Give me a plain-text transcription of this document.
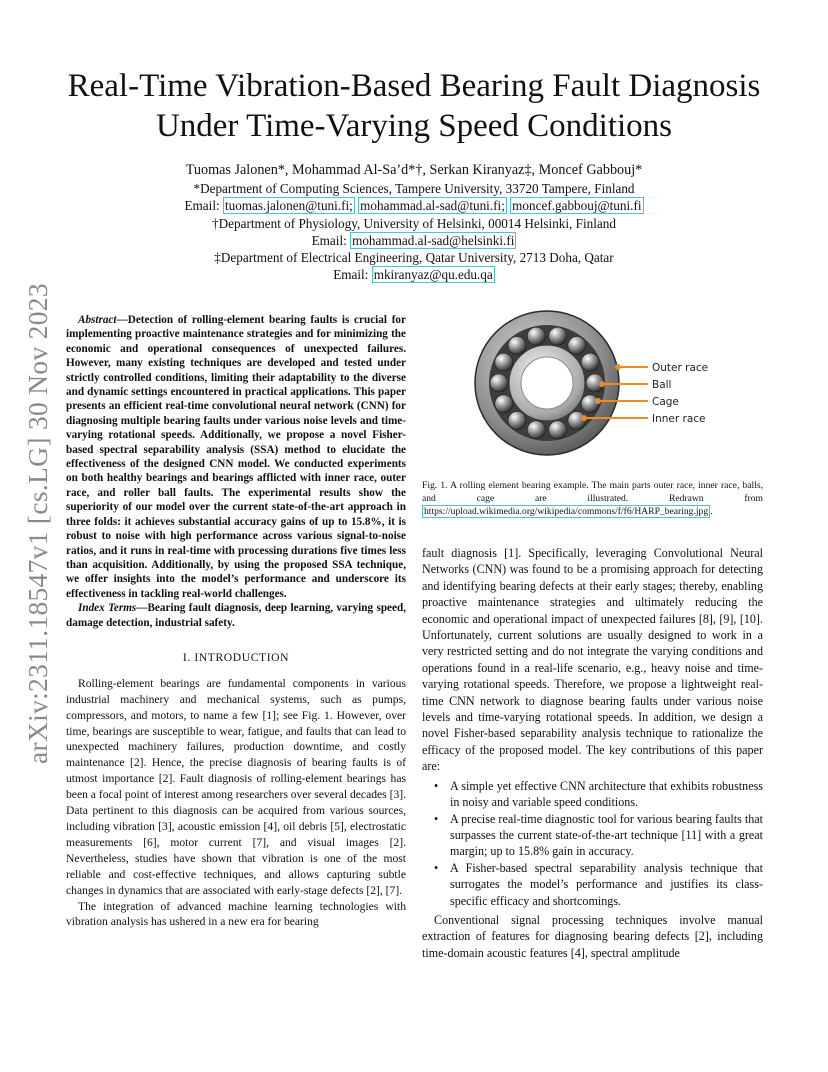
arXiv:2311.18547v1 [cs.LG] 30 Nov 2023
Real-Time Vibration-Based Bearing Fault Diagnosis Under Time-Varying Speed Conditions
Tuomas Jalonen*, Mohammad Al-Sa’d*†, Serkan Kiranyaz‡, Moncef Gabbouj*
*Department of Computing Sciences, Tampere University, 33720 Tampere, Finland
Email: tuomas.jalonen@tuni.fi; mohammad.al-sad@tuni.fi; moncef.gabbouj@tuni.fi
†Department of Physiology, University of Helsinki, 00014 Helsinki, Finland
Email: mohammad.al-sad@helsinki.fi
‡Department of Electrical Engineering, Qatar University, 2713 Doha, Qatar
Email: mkiranyaz@qu.edu.qa

Abstract—Detection of rolling-element bearing faults is crucial for implementing proactive maintenance strategies and for minimizing the economic and operational consequences of unexpected failures. However, many existing techniques are developed and tested under strictly controlled conditions, limiting their adaptability to the diverse and dynamic settings encountered in practical applications. This paper presents an efficient real-time convolutional neural network (CNN) for diagnosing multiple bearing faults under various noise levels and time-varying rotational speeds. Additionally, we propose a novel Fisher-based spectral separability analysis (SSA) method to elucidate the effectiveness of the designed CNN model. We conducted experiments on both healthy bearings and bearings afflicted with inner race, outer race, and roller ball faults. The experimental results show the superiority of our model over the current state-of-the-art approach in three folds: it achieves substantial accuracy gains of up to 15.8%, it is robust to noise with high performance across various signal-to-noise ratios, and it runs in real-time with processing durations five times less than acquisition. Additionally, by using the proposed SSA technique, we offer insights into the model’s performance and underscore its effectiveness in tackling real-world challenges.

Index Terms—Bearing fault diagnosis, deep learning, varying speed, damage detection, industrial safety.

I. INTRODUCTION

Rolling-element bearings are fundamental components in various industrial machinery and mechanical systems, such as pumps, compressors, and motors, to name a few [1]; see Fig. 1. However, over time, bearings are susceptible to wear, fatigue, and faults that can lead to unexpected machinery failures, production downtime, and costly maintenance [2]. Hence, the precise diagnosis of bearing faults is of utmost importance [2]. Fault diagnosis of rolling-element bearings has been a focal point of interest among researchers over several decades [3]. Data pertinent to this diagnosis can be acquired from various sources, including vibration [3], acoustic emission [4], oil debris [5], electrostatic measurements [6], motor current [7], and visual images [2]. Nevertheless, studies have shown that vibration is one of the most reliable and cost-effective techniques, and allows capturing subtle changes in dynamics that are associated with early-stage defects [2], [7].

The integration of advanced machine learning technologies with vibration analysis has ushered in a new era for bearing

Outer race
Ball
Cage
Inner race
Fig. 1. A rolling element bearing example. The main parts outer race, inner race, balls, and cage are illustrated. Redrawn from https://upload.wikimedia.org/wikipedia/commons/f/f6/HARP_bearing.jpg .

fault diagnosis [1]. Specifically, leveraging Convolutional Neural Networks (CNN) was found to be a promising approach for detecting and identifying bearing defects at their early stages; thereby, enabling proactive maintenance strategies and ultimately reducing the economic and operational impact of unexpected failures [8], [9], [10]. Unfortunately, current solutions are usually designed to work in a very restricted setting and do not integrate the varying conditions and operations found in a real-life scenario, e.g., heavy noise and time-varying rotational speeds. Therefore, we propose a lightweight real-time CNN network to diagnose bearing faults under various noise levels and time-varying rotational speeds. In addition, we design a novel Fisher-based separability analysis technique to rationalize the efficacy of the proposed model. The key contributions of this paper are:

• A simple yet effective CNN architecture that exhibits robustness in noisy and variable speed conditions.
• A precise real-time diagnostic tool for various bearing faults that surpasses the current state-of-the-art technique [11] with a great margin; up to 15.8% gain in accuracy.
• A Fisher-based spectral separability analysis technique that surrogates the model’s performance and justifies its class-specific efficacy and shortcomings.

Conventional signal processing techniques involve manual extraction of features for diagnosing bearing defects [2], including time-domain acoustic features [4], spectral amplitude
